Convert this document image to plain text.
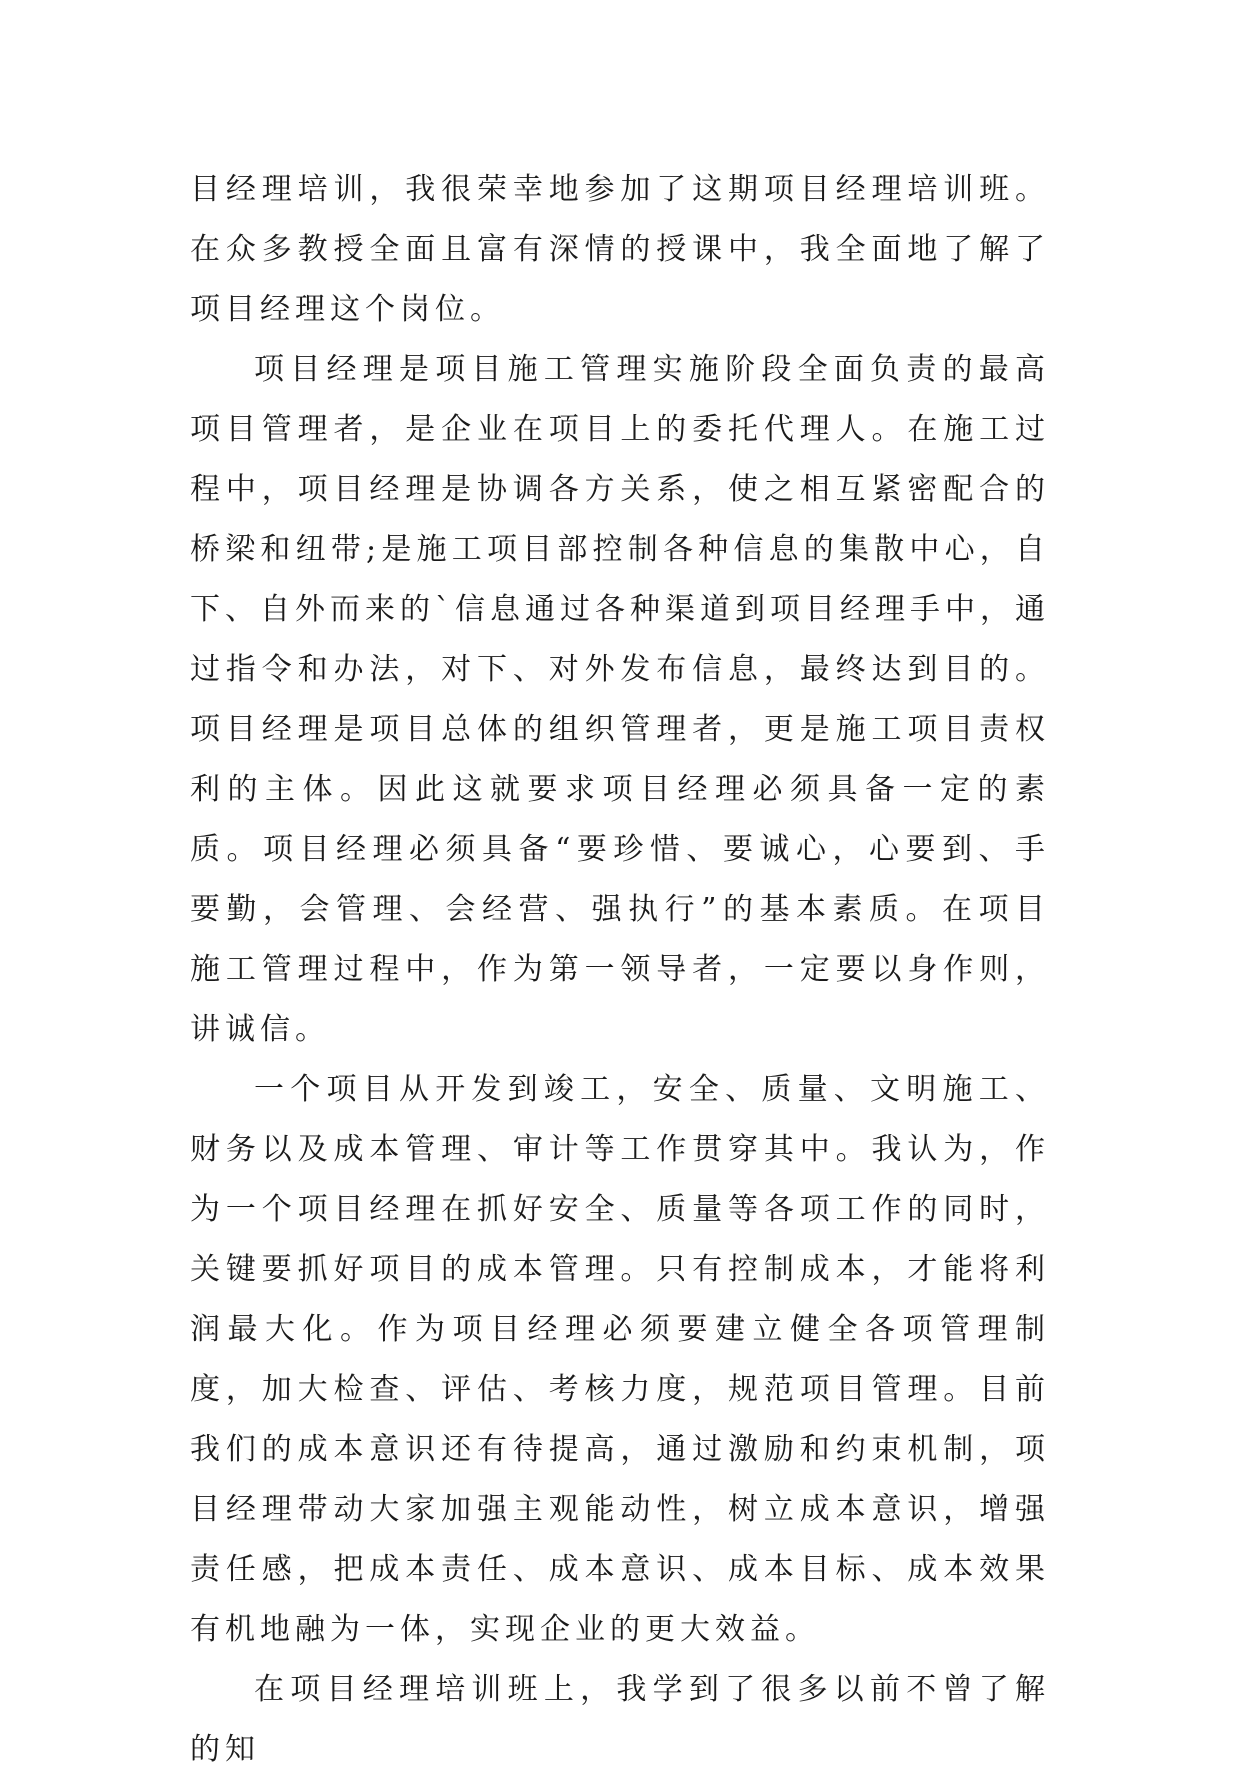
目经理培训，我很荣幸地参加了这期项目经理培训班。在众多教授全面且富有深情的授课中，我全面地了解了项目经理这个岗位。

项目经理是项目施工管理实施阶段全面负责的最高项目管理者，是企业在项目上的委托代理人。在施工过程中，项目经理是协调各方关系，使之相互紧密配合的桥梁和纽带;是施工项目部控制各种信息的集散中心，自下、自外而来的`信息通过各种渠道到项目经理手中，通过指令和办法，对下、对外发布信息，最终达到目的。项目经理是项目总体的组织管理者，更是施工项目责权利的主体。因此这就要求项目经理必须具备一定的素质。项目经理必须具备“要珍惜、要诚心，心要到、手要勤，会管理、会经营、强执行”的基本素质。在项目施工管理过程中，作为第一领导者，一定要以身作则，讲诚信。

一个项目从开发到竣工，安全、质量、文明施工、财务以及成本管理、审计等工作贯穿其中。我认为，作为一个项目经理在抓好安全、质量等各项工作的同时，关键要抓好项目的成本管理。只有控制成本，才能将利润最大化。作为项目经理必须要建立健全各项管理制度，加大检查、评估、考核力度，规范项目管理。目前我们的成本意识还有待提高，通过激励和约束机制，项目经理带动大家加强主观能动性，树立成本意识，增强责任感，把成本责任、成本意识、成本目标、成本效果有机地融为一体，实现企业的更大效益。

在项目经理培训班上，我学到了很多以前不曾了解的知
